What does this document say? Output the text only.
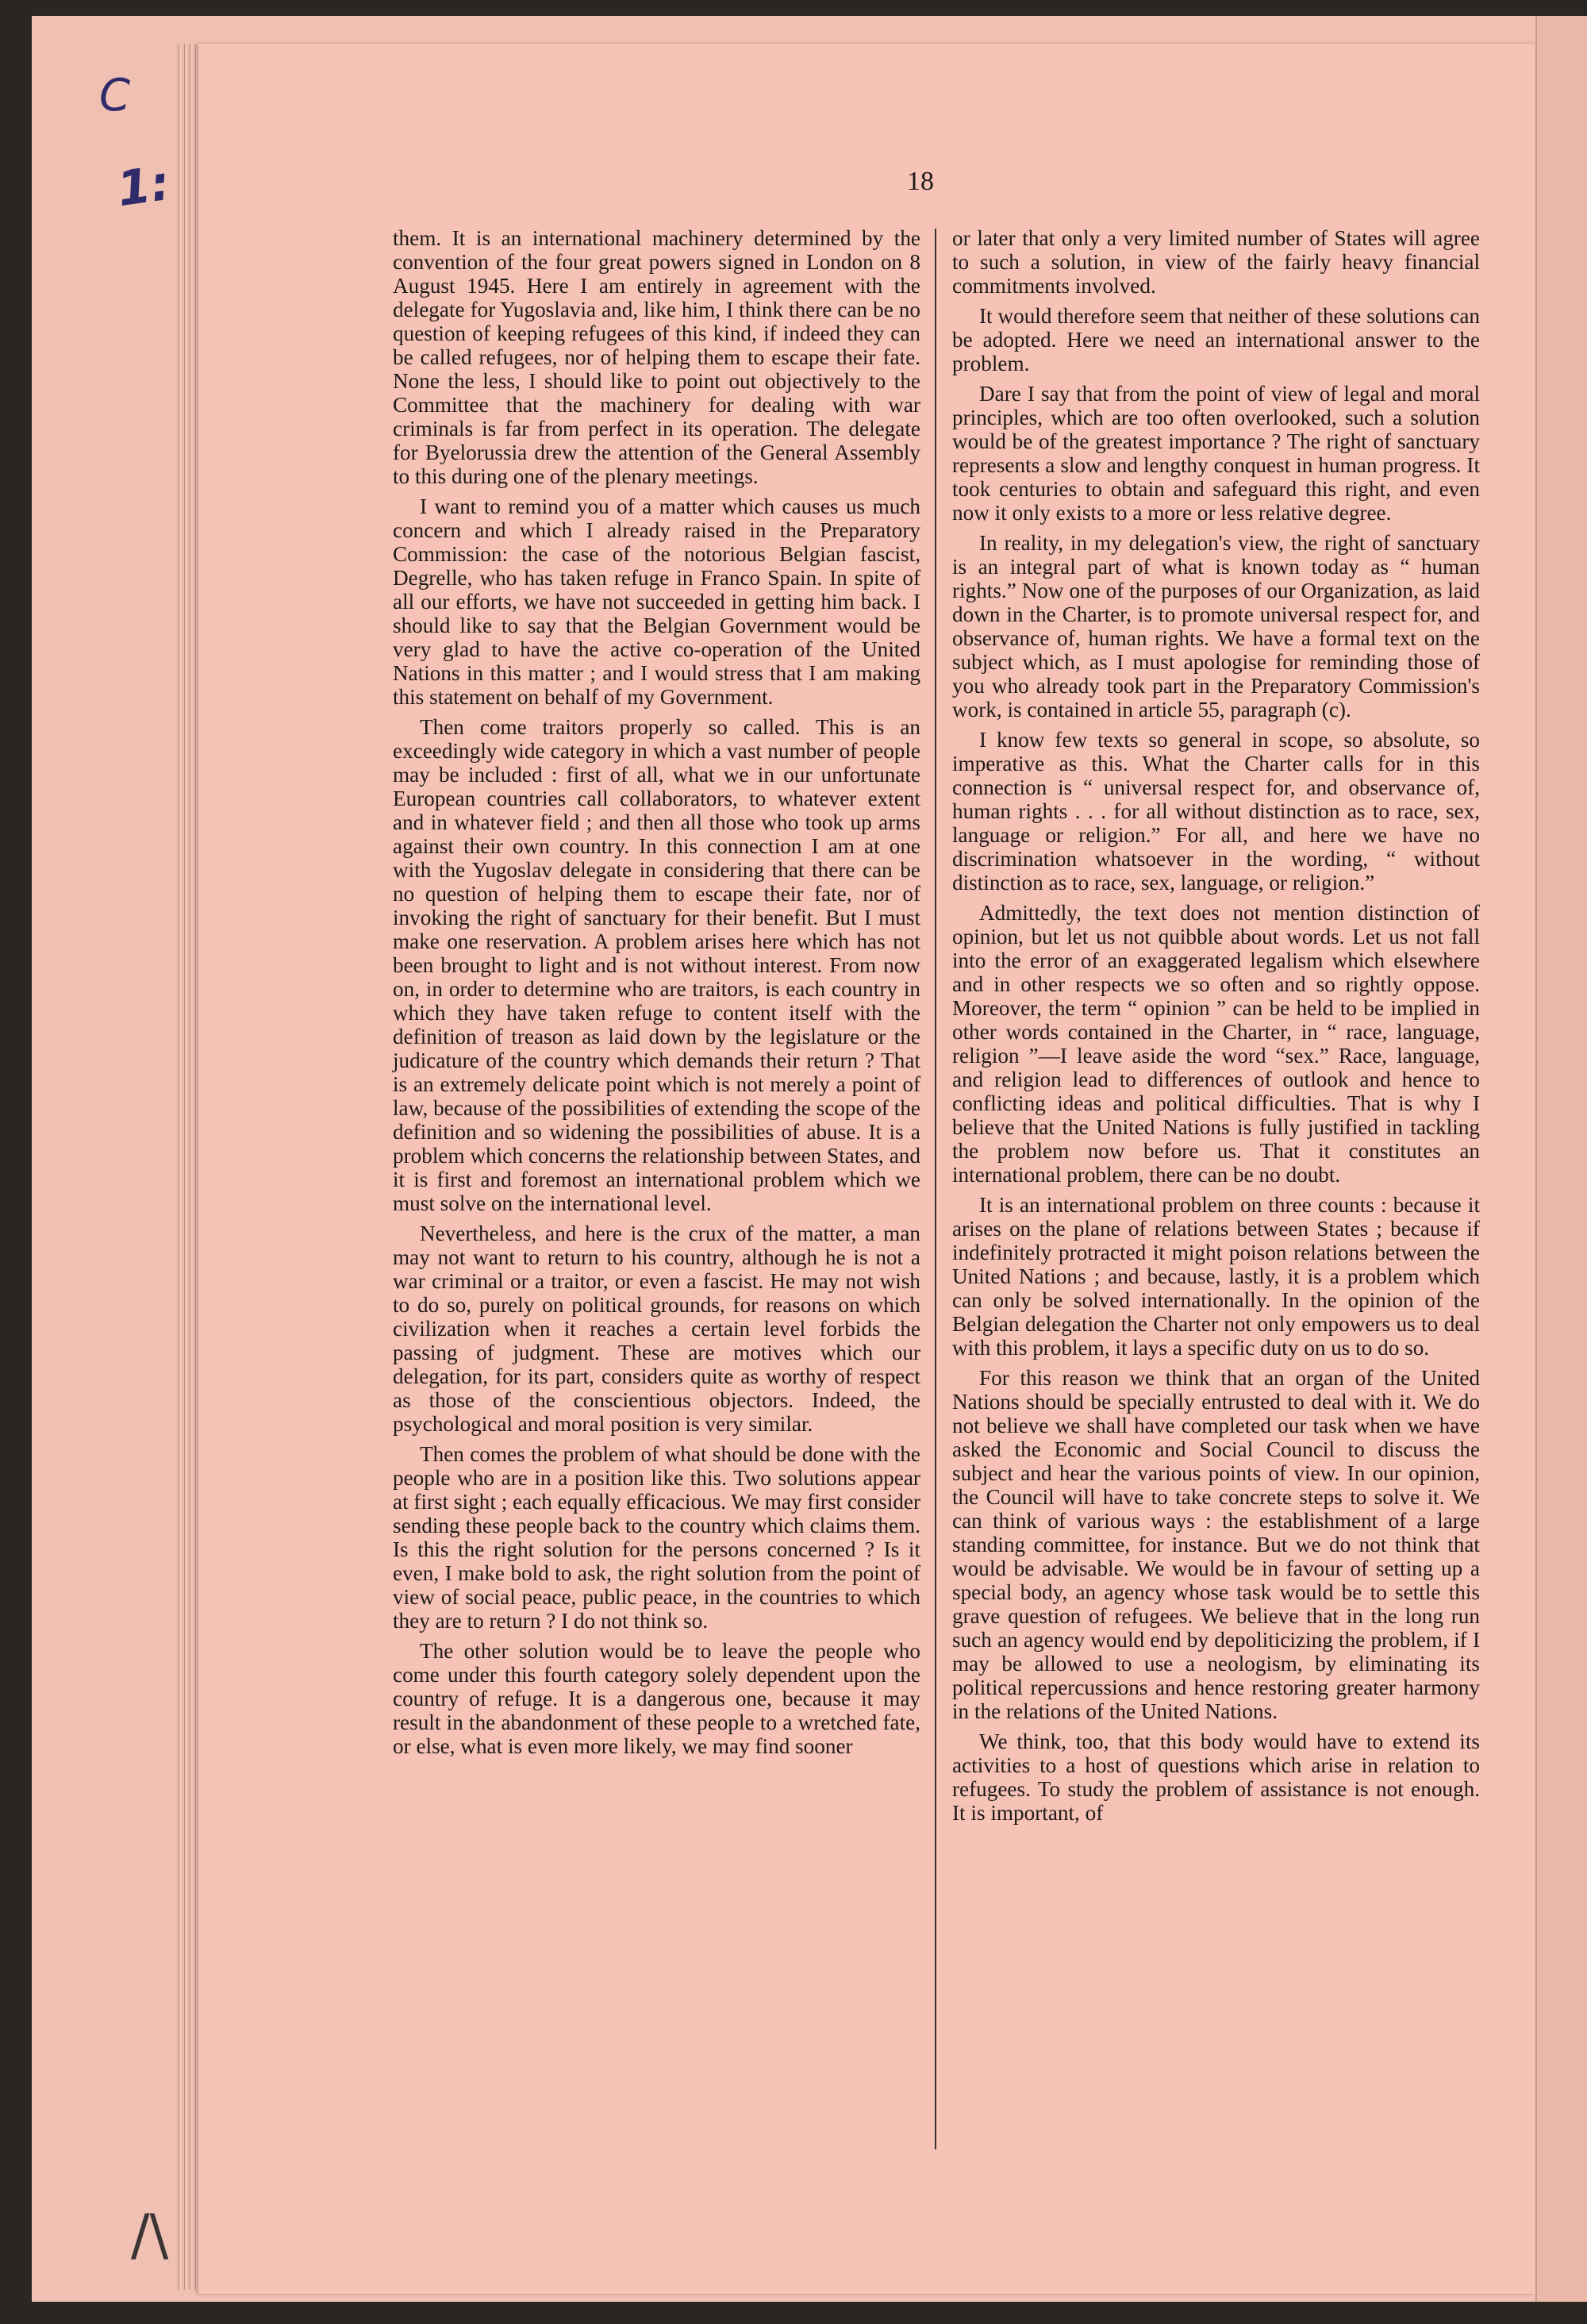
C
1:
/\
18

them. It is an international machinery determined by the convention of the four great powers signed in London on 8 August 1945. Here I am entirely in agreement with the delegate for Yugoslavia and, like him, I think there can be no question of keeping refugees of this kind, if indeed they can be called refugees, nor of helping them to escape their fate. None the less, I should like to point out objectively to the Committee that the machinery for dealing with war criminals is far from perfect in its operation. The delegate for Byelorussia drew the attention of the General Assembly to this during one of the plenary meetings.

I want to remind you of a matter which causes us much concern and which I already raised in the Preparatory Commission: the case of the notorious Belgian fascist, Degrelle, who has taken refuge in Franco Spain. In spite of all our efforts, we have not succeeded in getting him back. I should like to say that the Belgian Government would be very glad to have the active co-operation of the United Nations in this matter ; and I would stress that I am making this statement on behalf of my Government.

Then come traitors properly so called. This is an exceedingly wide category in which a vast number of people may be included : first of all, what we in our unfortunate European countries call collaborators, to whatever extent and in whatever field ; and then all those who took up arms against their own country. In this connection I am at one with the Yugoslav delegate in considering that there can be no question of helping them to escape their fate, nor of invoking the right of sanctuary for their benefit. But I must make one reservation. A problem arises here which has not been brought to light and is not without interest. From now on, in order to determine who are traitors, is each country in which they have taken refuge to content itself with the definition of treason as laid down by the legislature or the judicature of the country which demands their return ? That is an extremely delicate point which is not merely a point of law, because of the possibilities of extending the scope of the definition and so widening the possibilities of abuse. It is a problem which concerns the relationship between States, and it is first and foremost an international problem which we must solve on the international level.

Nevertheless, and here is the crux of the matter, a man may not want to return to his country, although he is not a war criminal or a traitor, or even a fascist. He may not wish to do so, purely on political grounds, for reasons on which civilization when it reaches a certain level forbids the passing of judgment. These are motives which our delegation, for its part, considers quite as worthy of respect as those of the conscientious objectors. Indeed, the psychological and moral position is very similar.

Then comes the problem of what should be done with the people who are in a position like this. Two solutions appear at first sight ; each equally efficacious. We may first consider sending these people back to the country which claims them. Is this the right solution for the persons concerned ? Is it even, I make bold to ask, the right solution from the point of view of social peace, public peace, in the countries to which they are to return ? I do not think so.

The other solution would be to leave the people who come under this fourth category solely dependent upon the country of refuge. It is a dangerous one, because it may result in the abandonment of these people to a wretched fate, or else, what is even more likely, we may find sooner

or later that only a very limited number of States will agree to such a solution, in view of the fairly heavy financial commitments involved.

It would therefore seem that neither of these solutions can be adopted. Here we need an international answer to the problem.

Dare I say that from the point of view of legal and moral principles, which are too often overlooked, such a solution would be of the greatest importance ? The right of sanctuary represents a slow and lengthy conquest in human progress. It took centuries to obtain and safeguard this right, and even now it only exists to a more or less relative degree.

In reality, in my delegation's view, the right of sanctuary is an integral part of what is known today as “ human rights.” Now one of the purposes of our Organization, as laid down in the Charter, is to promote universal respect for, and observance of, human rights. We have a formal text on the subject which, as I must apologise for reminding those of you who already took part in the Preparatory Commission's work, is contained in article 55, paragraph (c).

I know few texts so general in scope, so absolute, so imperative as this. What the Charter calls for in this connection is “ universal respect for, and observance of, human rights . . . for all without distinction as to race, sex, language or religion.” For all, and here we have no discrimination whatsoever in the wording, “ without distinction as to race, sex, language, or religion.”

Admittedly, the text does not mention distinction of opinion, but let us not quibble about words. Let us not fall into the error of an exaggerated legalism which elsewhere and in other respects we so often and so rightly oppose. Moreover, the term “ opinion ” can be held to be implied in other words contained in the Charter, in “ race, language, religion ”—I leave aside the word “sex.” Race, language, and religion lead to differences of outlook and hence to conflicting ideas and political difficulties. That is why I believe that the United Nations is fully justified in tackling the problem now before us. That it constitutes an international problem, there can be no doubt.

It is an international problem on three counts : because it arises on the plane of relations between States ; because if indefinitely protracted it might poison relations between the United Nations ; and because, lastly, it is a problem which can only be solved internationally. In the opinion of the Belgian delegation the Charter not only empowers us to deal with this problem, it lays a specific duty on us to do so.

For this reason we think that an organ of the United Nations should be specially entrusted to deal with it. We do not believe we shall have completed our task when we have asked the Economic and Social Council to discuss the subject and hear the various points of view. In our opinion, the Council will have to take concrete steps to solve it. We can think of various ways : the establishment of a large standing committee, for instance. But we do not think that would be advisable. We would be in favour of setting up a special body, an agency whose task would be to settle this grave question of refugees. We believe that in the long run such an agency would end by depoliticizing the problem, if I may be allowed to use a neologism, by eliminating its political repercussions and hence restoring greater harmony in the relations of the United Nations.

We think, too, that this body would have to extend its activities to a host of questions which arise in relation to refugees. To study the problem of assistance is not enough. It is important, of
